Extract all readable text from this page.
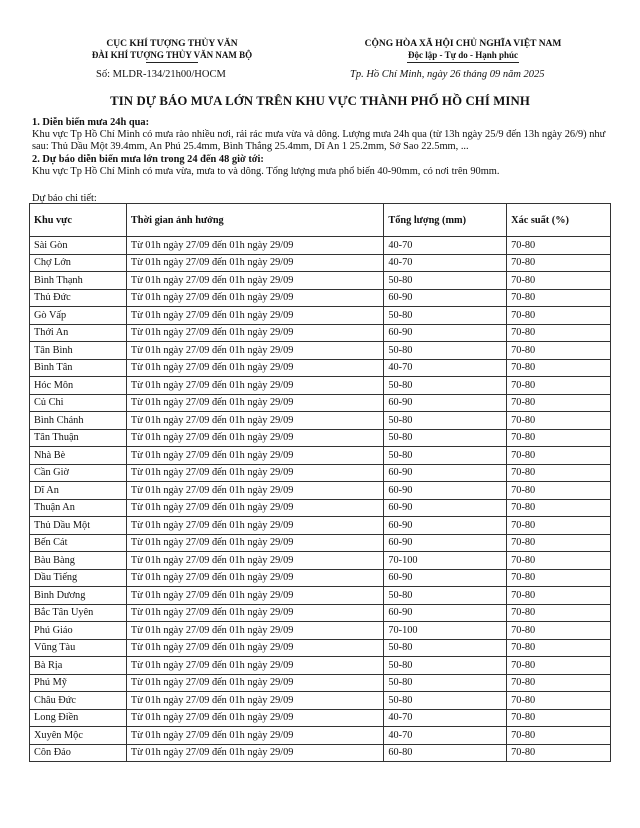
CỤC KHÍ TƯỢNG THỦY VĂN
ĐÀI KHÍ TƯỢNG THỦY VĂN NAM BỘ
CỘNG HÒA XÃ HỘI CHỦ NGHĨA VIỆT NAM
Độc lập - Tự do - Hạnh phúc
Số: MLDR-134/21h00/HOCM	Tp. Hồ Chí Minh, ngày 26 tháng 09 năm 2025
TIN DỰ BÁO MƯA LỚN TRÊN KHU VỰC THÀNH PHỐ HỒ CHÍ MINH
1. Diễn biến mưa 24h qua:
Khu vực Tp Hồ Chí Minh có mưa rào nhiều nơi, rải rác mưa vừa và dông. Lượng mưa 24h qua (từ 13h ngày 25/9 đến 13h ngày 26/9) như sau: Thủ Dầu Một 39.4mm, An Phú 25.4mm, Bình Thắng 25.4mm, Dĩ An 1 25.2mm, Sở Sao 22.5mm, ...
2. Dự báo diễn biến mưa lớn trong 24 đến 48 giờ tới:
Khu vực Tp Hồ Chí Minh có mưa vừa, mưa to và dông. Tổng lượng mưa phổ biến 40-90mm, có nơi trên 90mm.
Dự báo chi tiết:
Khu vực	Thời gian ảnh hưởng	Tổng lượng (mm)	Xác suất (%)
Sài Gòn	Từ 01h ngày 27/09 đến 01h ngày 29/09	40-70	70-80
Chợ Lớn	Từ 01h ngày 27/09 đến 01h ngày 29/09	40-70	70-80
Bình Thạnh	Từ 01h ngày 27/09 đến 01h ngày 29/09	50-80	70-80
Thủ Đức	Từ 01h ngày 27/09 đến 01h ngày 29/09	60-90	70-80
Gò Vấp	Từ 01h ngày 27/09 đến 01h ngày 29/09	50-80	70-80
Thới An	Từ 01h ngày 27/09 đến 01h ngày 29/09	60-90	70-80
Tân Bình	Từ 01h ngày 27/09 đến 01h ngày 29/09	50-80	70-80
Bình Tân	Từ 01h ngày 27/09 đến 01h ngày 29/09	40-70	70-80
Hóc Môn	Từ 01h ngày 27/09 đến 01h ngày 29/09	50-80	70-80
Củ Chi	Từ 01h ngày 27/09 đến 01h ngày 29/09	60-90	70-80
Bình Chánh	Từ 01h ngày 27/09 đến 01h ngày 29/09	50-80	70-80
Tân Thuận	Từ 01h ngày 27/09 đến 01h ngày 29/09	50-80	70-80
Nhà Bè	Từ 01h ngày 27/09 đến 01h ngày 29/09	50-80	70-80
Cần Giờ	Từ 01h ngày 27/09 đến 01h ngày 29/09	60-90	70-80
Dĩ An	Từ 01h ngày 27/09 đến 01h ngày 29/09	60-90	70-80
Thuận An	Từ 01h ngày 27/09 đến 01h ngày 29/09	60-90	70-80
Thủ Dầu Một	Từ 01h ngày 27/09 đến 01h ngày 29/09	60-90	70-80
Bến Cát	Từ 01h ngày 27/09 đến 01h ngày 29/09	60-90	70-80
Bàu Bàng	Từ 01h ngày 27/09 đến 01h ngày 29/09	70-100	70-80
Dầu Tiếng	Từ 01h ngày 27/09 đến 01h ngày 29/09	60-90	70-80
Bình Dương	Từ 01h ngày 27/09 đến 01h ngày 29/09	50-80	70-80
Bắc Tân Uyên	Từ 01h ngày 27/09 đến 01h ngày 29/09	60-90	70-80
Phú Giáo	Từ 01h ngày 27/09 đến 01h ngày 29/09	70-100	70-80
Vũng Tàu	Từ 01h ngày 27/09 đến 01h ngày 29/09	50-80	70-80
Bà Rịa	Từ 01h ngày 27/09 đến 01h ngày 29/09	50-80	70-80
Phú Mỹ	Từ 01h ngày 27/09 đến 01h ngày 29/09	50-80	70-80
Châu Đức	Từ 01h ngày 27/09 đến 01h ngày 29/09	50-80	70-80
Long Điền	Từ 01h ngày 27/09 đến 01h ngày 29/09	40-70	70-80
Xuyên Mộc	Từ 01h ngày 27/09 đến 01h ngày 29/09	40-70	70-80
Côn Đảo	Từ 01h ngày 27/09 đến 01h ngày 29/09	60-80	70-80
